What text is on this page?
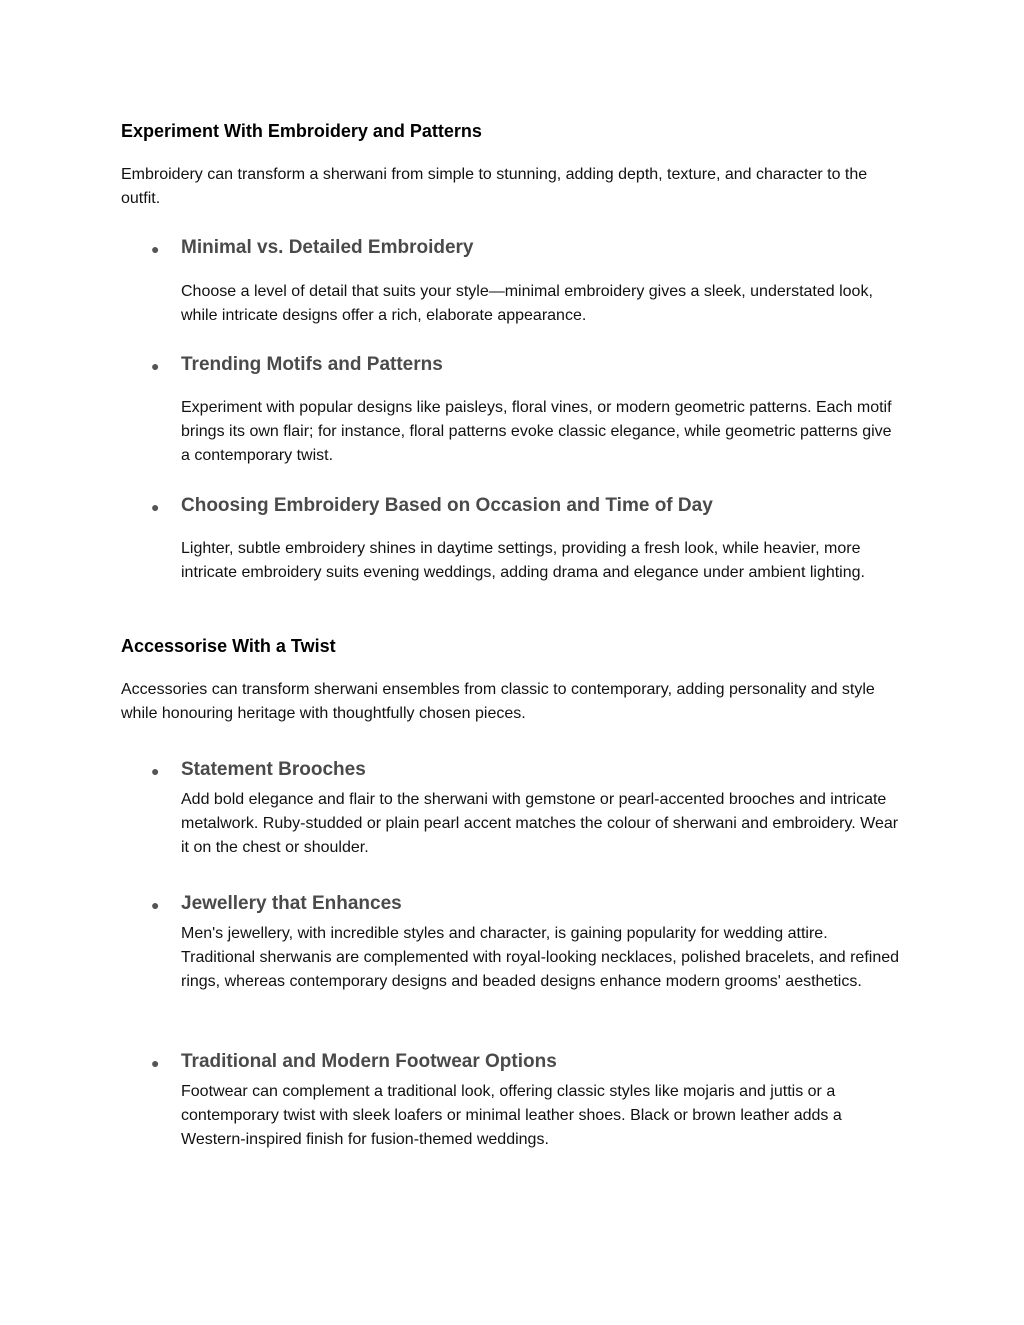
Experiment With Embroidery and Patterns

Embroidery can transform a sherwani from simple to stunning, adding depth, texture, and character to the outfit.

● Minimal vs. Detailed Embroidery

Choose a level of detail that suits your style—minimal embroidery gives a sleek, understated look, while intricate designs offer a rich, elaborate appearance.

● Trending Motifs and Patterns

Experiment with popular designs like paisleys, floral vines, or modern geometric patterns. Each motif brings its own flair; for instance, floral patterns evoke classic elegance, while geometric patterns give a contemporary twist.

● Choosing Embroidery Based on Occasion and Time of Day

Lighter, subtle embroidery shines in daytime settings, providing a fresh look, while heavier, more intricate embroidery suits evening weddings, adding drama and elegance under ambient lighting.

Accessorise With a Twist

Accessories can transform sherwani ensembles from classic to contemporary, adding personality and style while honouring heritage with thoughtfully chosen pieces.

● Statement Brooches

Add bold elegance and flair to the sherwani with gemstone or pearl-accented brooches and intricate metalwork. Ruby-studded or plain pearl accent matches the colour of sherwani and embroidery. Wear it on the chest or shoulder.

● Jewellery that Enhances

Men's jewellery, with incredible styles and character, is gaining popularity for wedding attire. Traditional sherwanis are complemented with royal-looking necklaces, polished bracelets, and refined rings, whereas contemporary designs and beaded designs enhance modern grooms' aesthetics.

● Traditional and Modern Footwear Options

Footwear can complement a traditional look, offering classic styles like mojaris and juttis or a contemporary twist with sleek loafers or minimal leather shoes. Black or brown leather adds a Western-inspired finish for fusion-themed weddings.
